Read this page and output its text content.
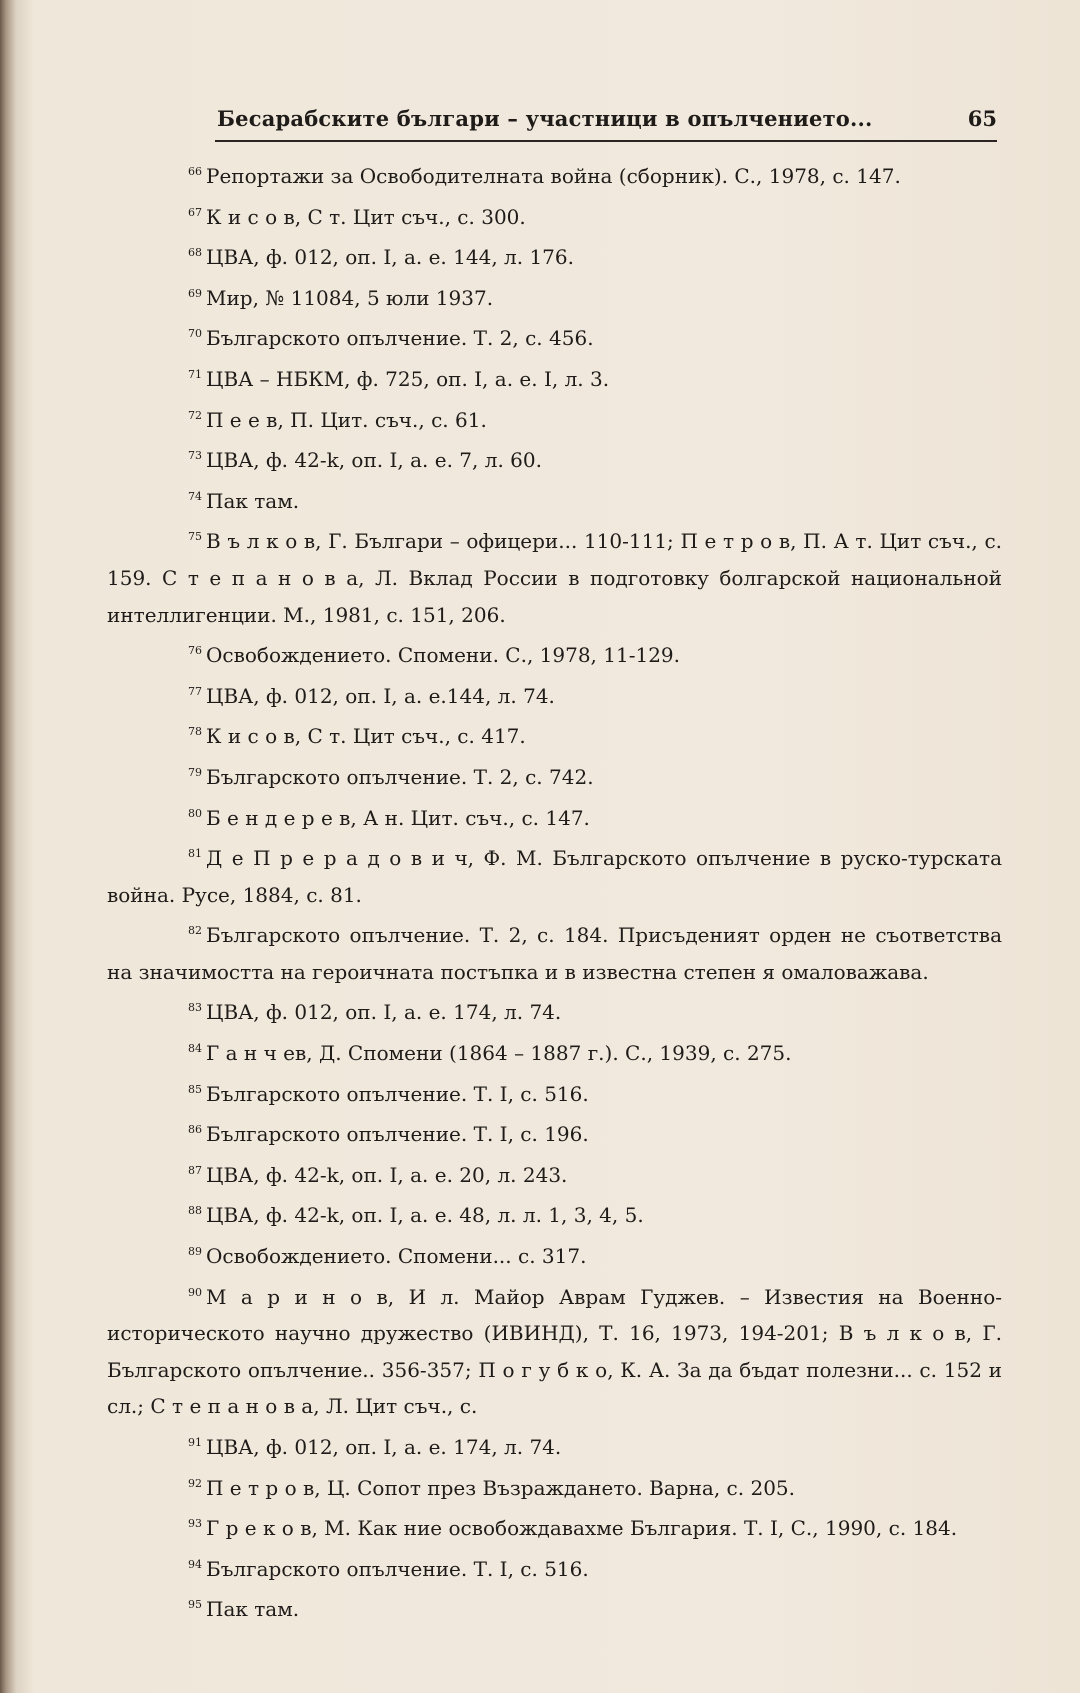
Бесарабските българи – участници в опълчението...	65

$^{66}$ Репортажи за Освободителната война (сборник). С., 1978, с. 147.

$^{67}$ К и с о в, С т. Цит съч., с. 300.

$^{68}$ ЦВА, ф. 012, оп. I, а. е. 144, л. 176.

$^{69}$ Мир, № 11084, 5 юли 1937.

$^{70}$ Българското опълчение. Т. 2, с. 456.

$^{71}$ ЦВА – НБКМ, ф. 725, оп. I, а. е. I, л. 3.

$^{72}$ П е е в, П. Цит. съч., с. 61.

$^{73}$ ЦВА, ф. 42-k, оп. I, а. е. 7, л. 60.

$^{74}$ Пак там.

$^{75}$ В ъ л к о в, Г. Българи – офицери... 110-111; П е т р о в, П. А т. Цит съч., с. 159. С т е п а н о в а, Л. Вклад России в подготовку болгарской национальной интеллигенции. М., 1981, с. 151, 206.

$^{76}$ Освобождението. Спомени. С., 1978, 11-129.

$^{77}$ ЦВА, ф. 012, оп. I, а. е.144, л. 74.

$^{78}$ К и с о в, С т. Цит съч., с. 417.

$^{79}$ Българското опълчение. Т. 2, с. 742.

$^{80}$ Б е н д е р е в, А н. Цит. съч., с. 147.

$^{81}$ Д е П р е р а д о в и ч, Ф. М. Българското опълчение в руско-турската война. Русе, 1884, с. 81.

$^{82}$ Българското опълчение. Т. 2, с. 184. Присъденият орден не съответства на значимостта на героичната постъпка и в известна степен я омаловажава.

$^{83}$ ЦВА, ф. 012, оп. I, а. е. 174, л. 74.

$^{84}$ Г а н ч ев, Д. Спомени (1864 – 1887 г.). С., 1939, с. 275.

$^{85}$ Българското опълчение. Т. I, с. 516.

$^{86}$ Българското опълчение. Т. I, с. 196.

$^{87}$ ЦВА, ф. 42-k, оп. I, а. е. 20, л. 243.

$^{88}$ ЦВА, ф. 42-k, оп. I, а. е. 48, л. л. 1, 3, 4, 5.

$^{89}$ Освобождението. Спомени... с. 317.

$^{90}$ М а р и н о в, И л. Майор Аврам Гуджев. – Известия на Военно-историческото научно дружество (ИВИНД), Т. 16, 1973, 194-201; В ъ л к о в, Г. Българското опълчение.. 356-357; П о г у б к о, К. А. За да бъдат полезни... с. 152 и сл.; С т е п а н о в а, Л. Цит съч., с.

$^{91}$ ЦВА, ф. 012, оп. I, а. е. 174, л. 74.

$^{92}$ П е т р о в, Ц. Сопот през Възраждането. Варна, с. 205.

$^{93}$ Г р е к о в, М. Как ние освобождавахме България. Т. I, С., 1990, с. 184.

$^{94}$ Българското опълчение. Т. I, с. 516.

$^{95}$ Пак там.
